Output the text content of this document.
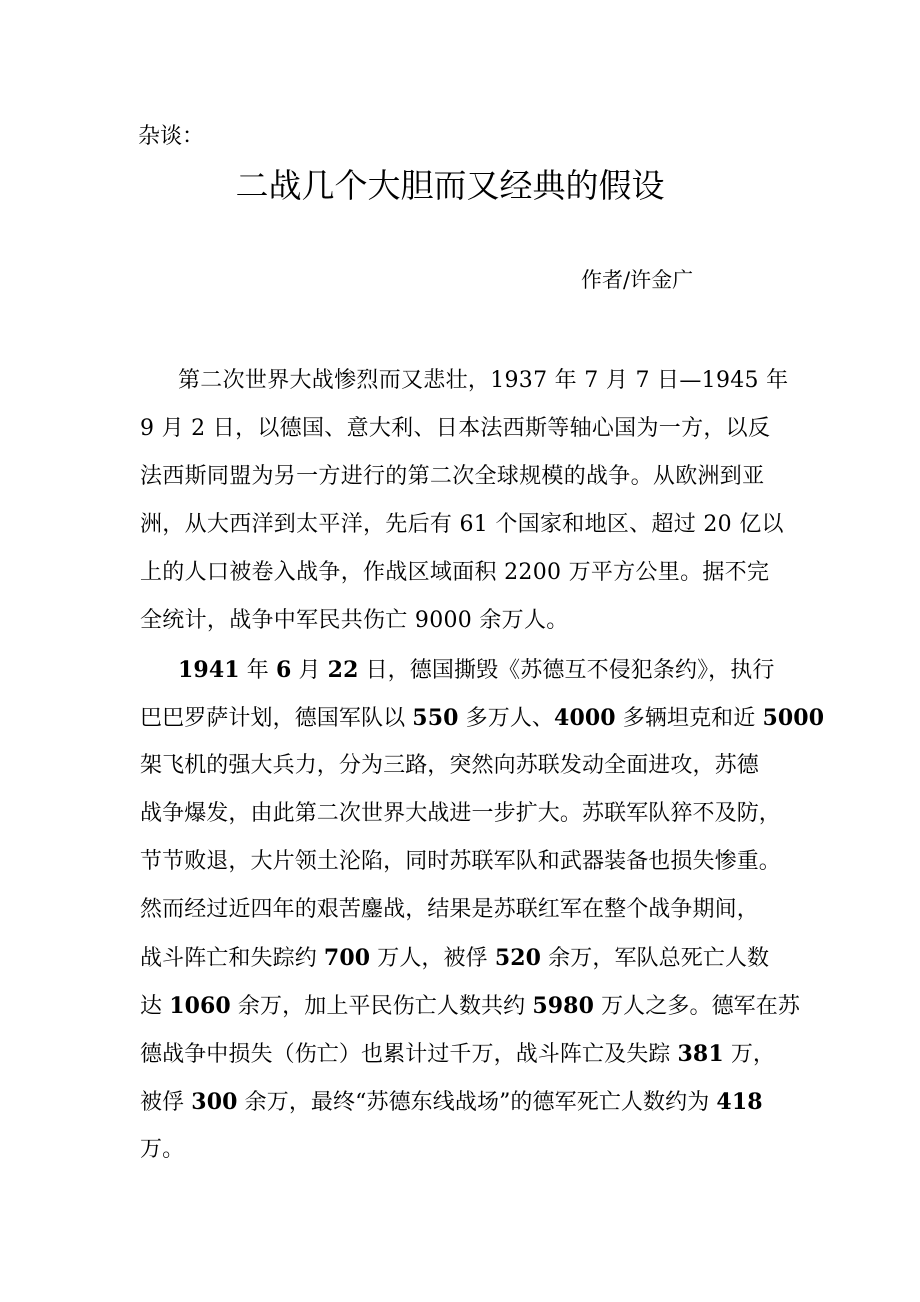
杂谈：
二战几个大胆而又经典的假设
作者/许金广
第二次世界大战惨烈而又悲壮，1937 年 7 月 7 日—1945 年
9 月 2 日，以德国、意大利、日本法西斯等轴心国为一方，以反
法西斯同盟为另一方进行的第二次全球规模的战争。从欧洲到亚
洲，从大西洋到太平洋，先后有 61 个国家和地区、超过 20 亿以
上的人口被卷入战争，作战区域面积 2200 万平方公里。据不完
全统计，战争中军民共伤亡 9000 余万人。
1941 年 6 月 22 日，德国撕毁《苏德互不侵犯条约》，执行
巴巴罗萨计划，德国军队以 550 多万人、4000 多辆坦克和近 5000
架飞机的强大兵力，分为三路，突然向苏联发动全面进攻，苏德
战争爆发，由此第二次世界大战进一步扩大。苏联军队猝不及防，
节节败退，大片领土沦陷，同时苏联军队和武器装备也损失惨重。
然而经过近四年的艰苦鏖战，结果是苏联红军在整个战争期间，
战斗阵亡和失踪约 700 万人，被俘 520 余万，军队总死亡人数
达 1060 余万，加上平民伤亡人数共约 5980 万人之多。德军在苏
德战争中损失（伤亡）也累计过千万，战斗阵亡及失踪 381 万，
被俘 300 余万，最终“苏德东线战场”的德军死亡人数约为 418
万。
